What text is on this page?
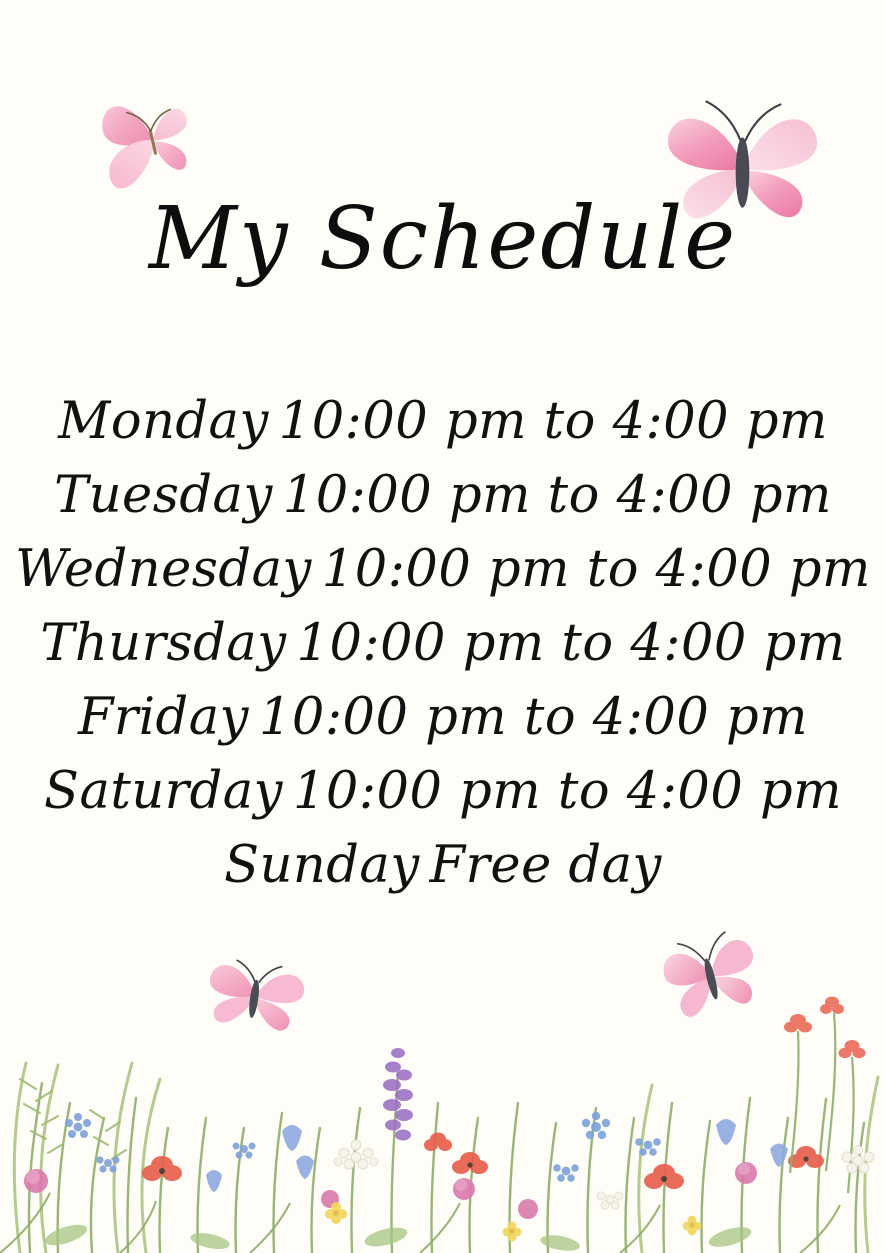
My Schedule
Monday 10:00 pm to 4:00 pm
Tuesday 10:00 pm to 4:00 pm
Wednesday 10:00 pm to 4:00 pm
Thursday 10:00 pm to 4:00 pm
Friday 10:00 pm to 4:00 pm
Saturday 10:00 pm to 4:00 pm
Sunday Free day
